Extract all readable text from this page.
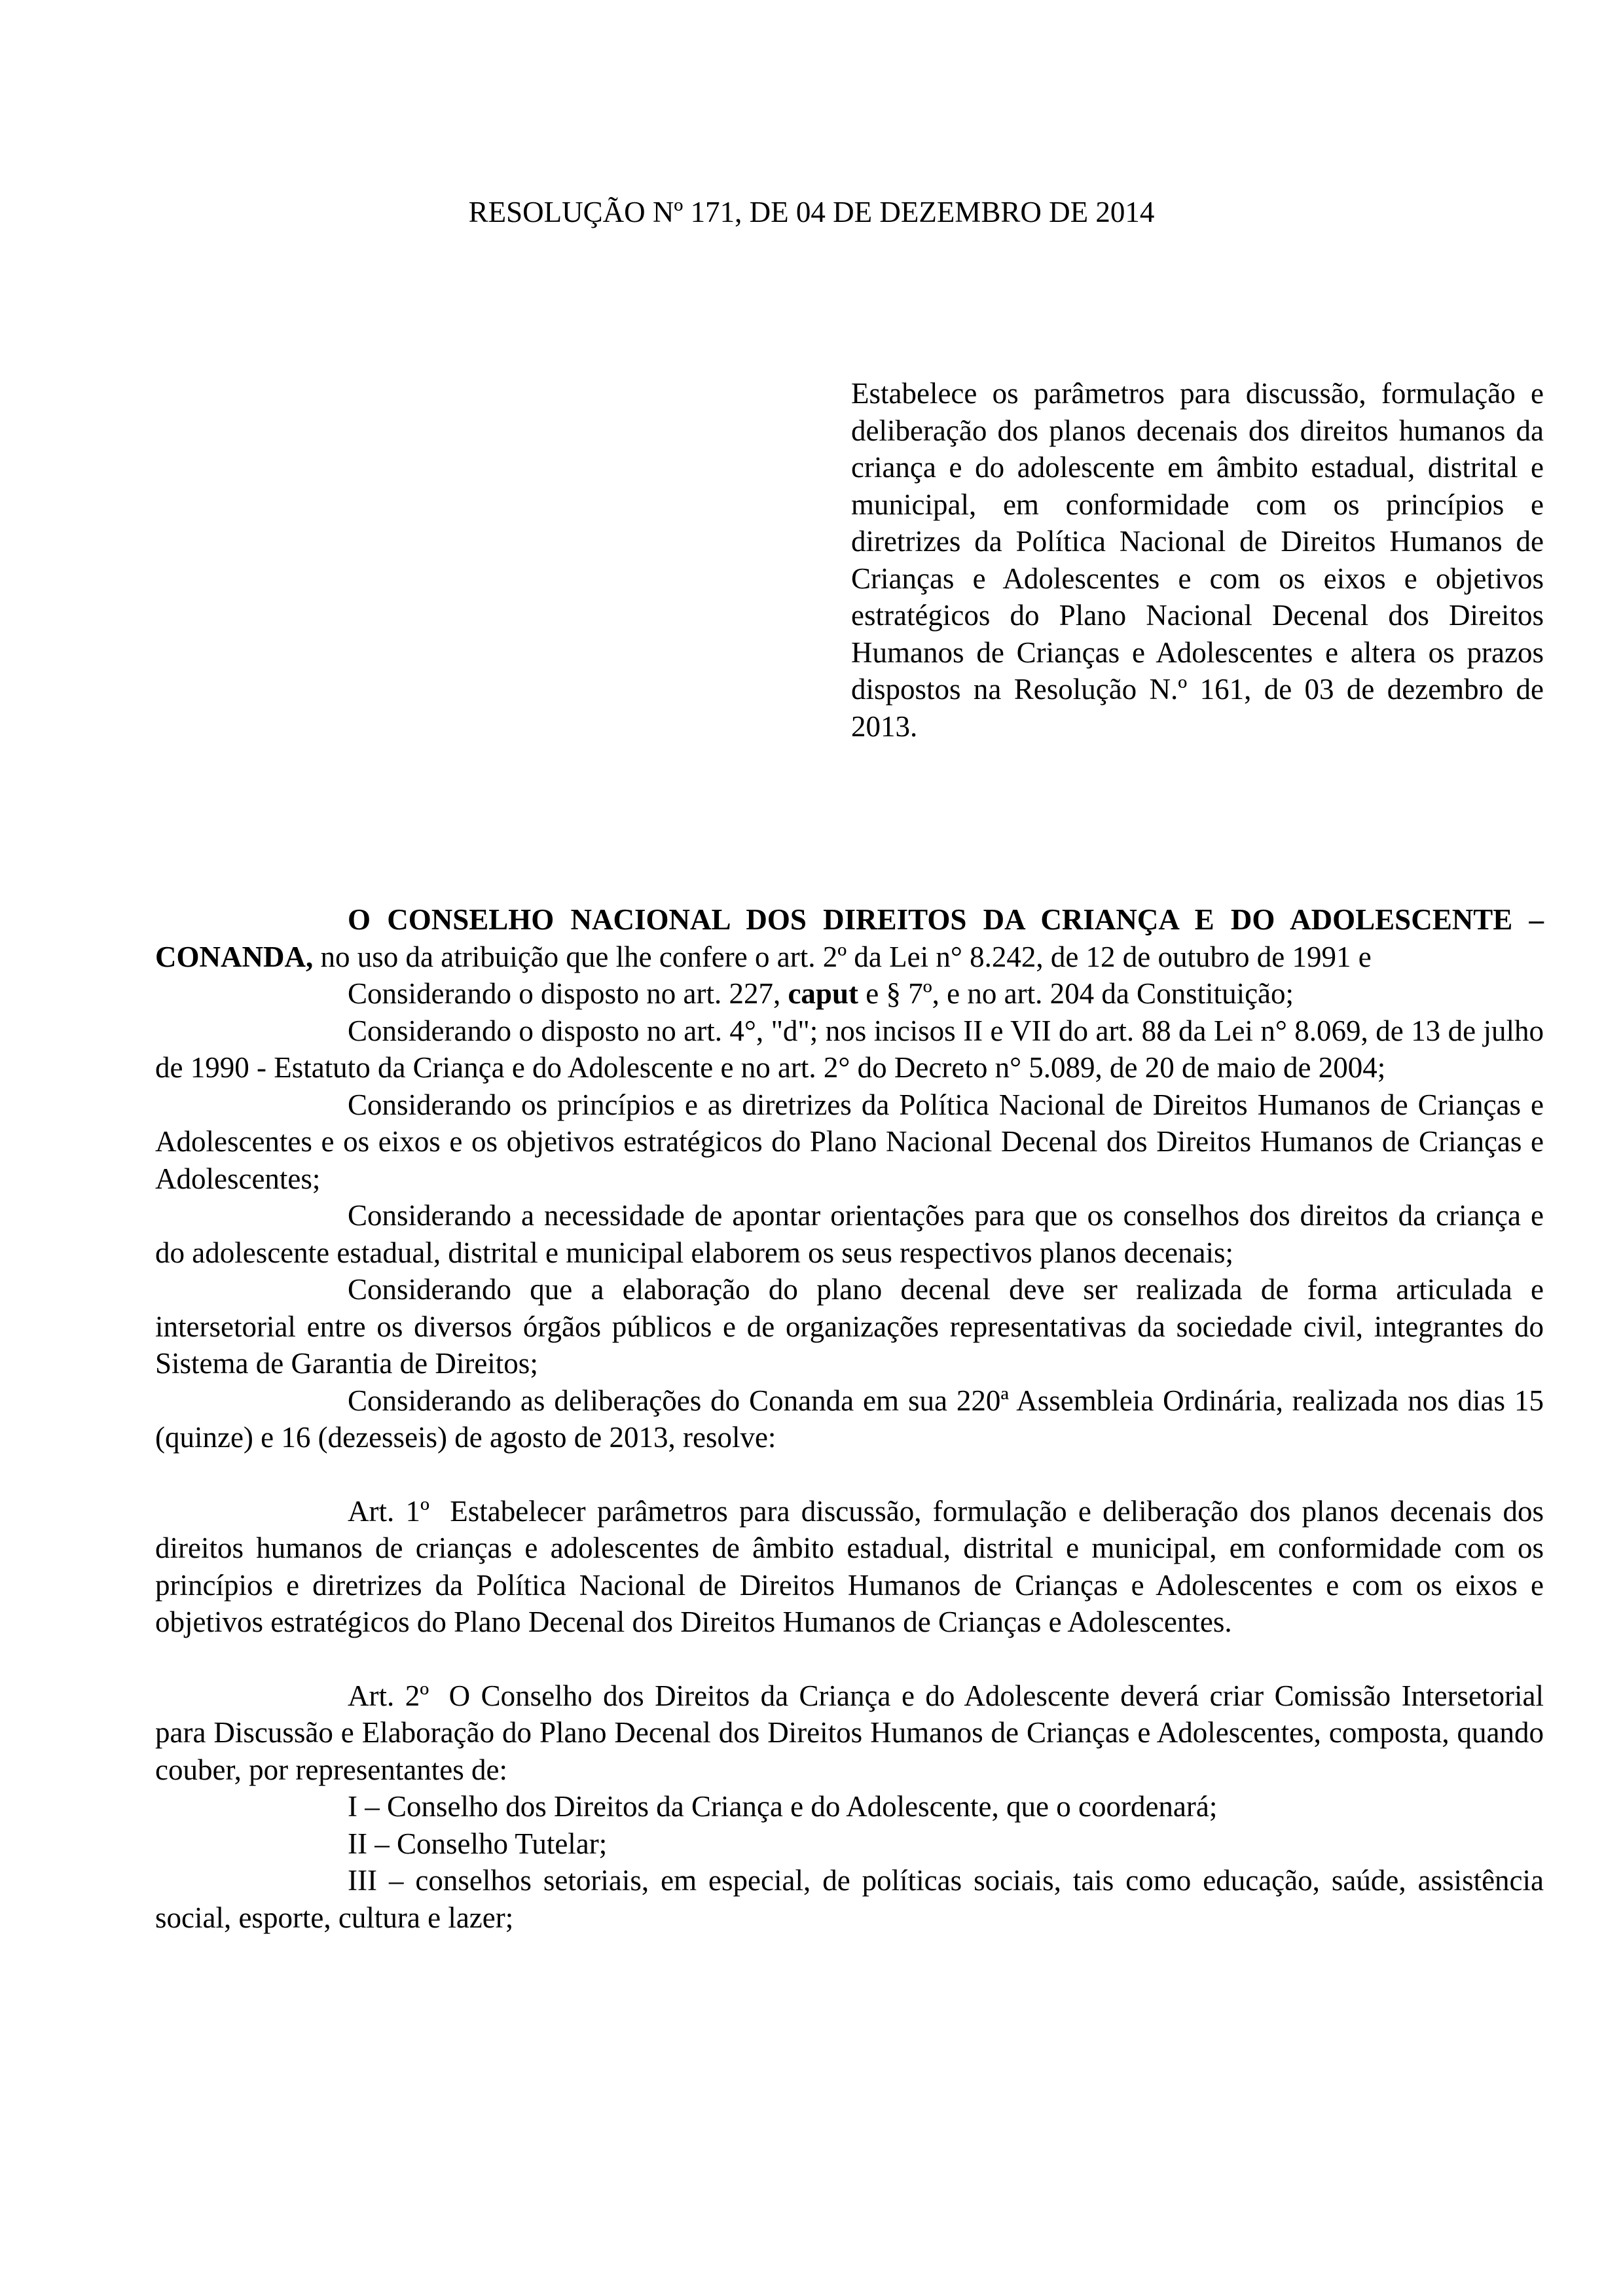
RESOLUÇÃO Nº 171, DE 04 DE DEZEMBRO DE 2014

Estabelece os parâmetros para discussão, formulação e deliberação dos planos decenais dos direitos humanos da criança e do adolescente em âmbito estadual, distrital e municipal, em conformidade com os princípios e diretrizes da Política Nacional de Direitos Humanos de Crianças e Adolescentes e com os eixos e objetivos estratégicos do Plano Nacional Decenal dos Direitos Humanos de Crianças e Adolescentes e altera os prazos dispostos na Resolução N.º 161, de 03 de dezembro de 2013.

O CONSELHO NACIONAL DOS DIREITOS DA CRIANÇA E DO ADOLESCENTE – CONANDA, no uso da atribuição que lhe confere o art. 2º da Lei n° 8.242, de 12 de outubro de 1991 e

Considerando o disposto no art. 227, caput e § 7º, e no art. 204 da Constituição;

Considerando o disposto no art. 4°, "d"; nos incisos II e VII do art. 88 da Lei n° 8.069, de 13 de julho de 1990 - Estatuto da Criança e do Adolescente e no art. 2° do Decreto n° 5.089, de 20 de maio de 2004;

Considerando os princípios e as diretrizes da Política Nacional de Direitos Humanos de Crianças e Adolescentes e os eixos e os objetivos estratégicos do Plano Nacional Decenal dos Direitos Humanos de Crianças e Adolescentes;

Considerando a necessidade de apontar orientações para que os conselhos dos direitos da criança e do adolescente estadual, distrital e municipal elaborem os seus respectivos planos decenais;

Considerando que a elaboração do plano decenal deve ser realizada de forma articulada e intersetorial entre os diversos órgãos públicos e de organizações representativas da sociedade civil, integrantes do Sistema de Garantia de Direitos;

Considerando as deliberações do Conanda em sua 220ª Assembleia Ordinária, realizada nos dias 15 (quinze) e 16 (dezesseis) de agosto de 2013, resolve:

Art. 1º Estabelecer parâmetros para discussão, formulação e deliberação dos planos decenais dos direitos humanos de crianças e adolescentes de âmbito estadual, distrital e municipal, em conformidade com os princípios e diretrizes da Política Nacional de Direitos Humanos de Crianças e Adolescentes e com os eixos e objetivos estratégicos do Plano Decenal dos Direitos Humanos de Crianças e Adolescentes.

Art. 2º O Conselho dos Direitos da Criança e do Adolescente deverá criar Comissão Intersetorial para Discussão e Elaboração do Plano Decenal dos Direitos Humanos de Crianças e Adolescentes, composta, quando couber, por representantes de:

I – Conselho dos Direitos da Criança e do Adolescente, que o coordenará;

II – Conselho Tutelar;

III – conselhos setoriais, em especial, de políticas sociais, tais como educação, saúde, assistência social, esporte, cultura e lazer;
